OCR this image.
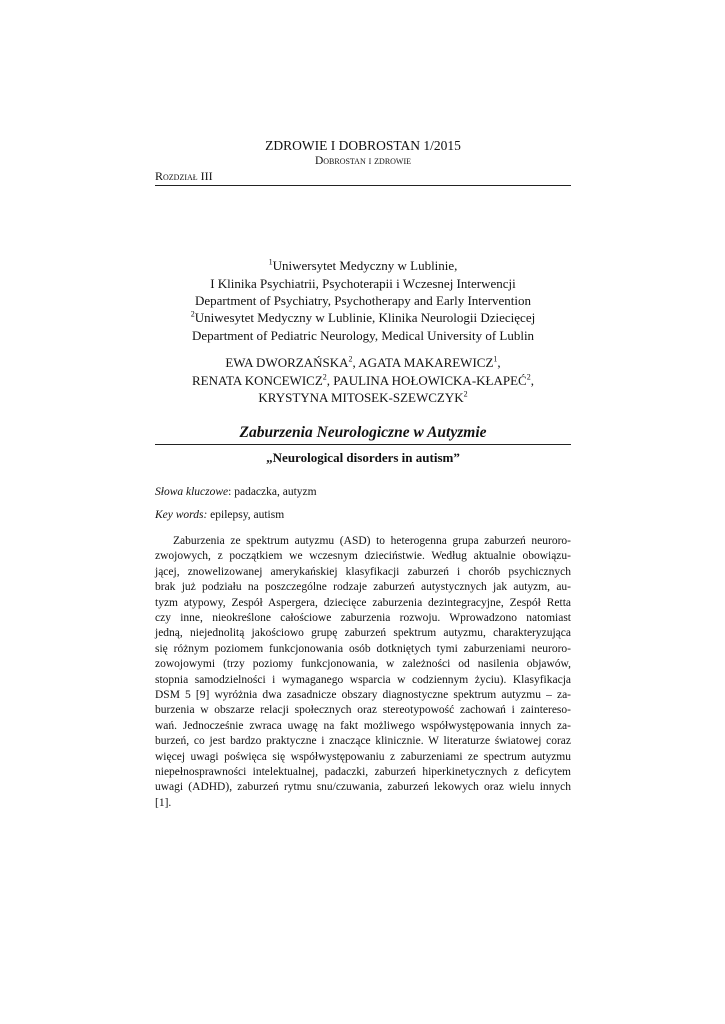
ZDROWIE I DOBROSTAN 1/2015
Dobrostan i zdrowie
Rozdział III
$^1$Uniwersytet Medyczny w Lublinie,
I Klinika Psychiatrii, Psychoterapii i Wczesnej Interwencji
Department of Psychiatry, Psychotherapy and Early Intervention
$^2$Uniwesytet Medyczny w Lublinie, Klinika Neurologii Dziecięcej
Department of Pediatric Neurology, Medical University of Lublin
EWA DWORZAŃSKA$^2$, AGATA MAKAREWICZ$^1$,
RENATA KONCEWICZ$^2$, PAULINA HOŁOWICKA-KŁAPEĆ$^2$,
KRYSTYNA MITOSEK-SZEWCZYK$^2$
Zaburzenia Neurologiczne w Autyzmie
„Neurological disorders in autism”
Słowa kluczowe: padaczka, autyzm
Key words: epilepsy, autism
Zaburzenia ze spektrum autyzmu (ASD) to heterogenna grupa zaburzeń neuroro-
zwojowych, z początkiem we wczesnym dzieciństwie. Według aktualnie obowiązu-
jącej, znowelizowanej amerykańskiej klasyfikacji zaburzeń i chorób psychicznych
brak już podziału na poszczególne rodzaje zaburzeń autystycznych jak autyzm, au-
tyzm atypowy, Zespół Aspergera, dziecięce zaburzenia dezintegracyjne, Zespół Retta
czy inne, nieokreślone całościowe zaburzenia rozwoju. Wprowadzono natomiast
jedną, niejednolitą jakościowo grupę zaburzeń spektrum autyzmu, charakteryzująca
się różnym poziomem funkcjonowania osób dotkniętych tymi zaburzeniami neuroro-
zowojowymi (trzy poziomy funkcjonowania, w zależności od nasilenia objawów,
stopnia samodzielności i wymaganego wsparcia w codziennym życiu). Klasyfikacja
DSM 5 [9] wyróżnia dwa zasadnicze obszary diagnostyczne spektrum autyzmu – za-
burzenia w obszarze relacji społecznych oraz stereotypowość zachowań i zaintereso-
wań. Jednocześnie zwraca uwagę na fakt możliwego współwystępowania innych za-
burzeń, co jest bardzo praktyczne i znaczące klinicznie. W literaturze światowej coraz
więcej uwagi poświęca się współwystępowaniu z zaburzeniami ze spectrum autyzmu
niepełnosprawności intelektualnej, padaczki, zaburzeń hiperkinetycznych z deficytem
uwagi (ADHD), zaburzeń rytmu snu/czuwania, zaburzeń lekowych oraz wielu innych
[1].
